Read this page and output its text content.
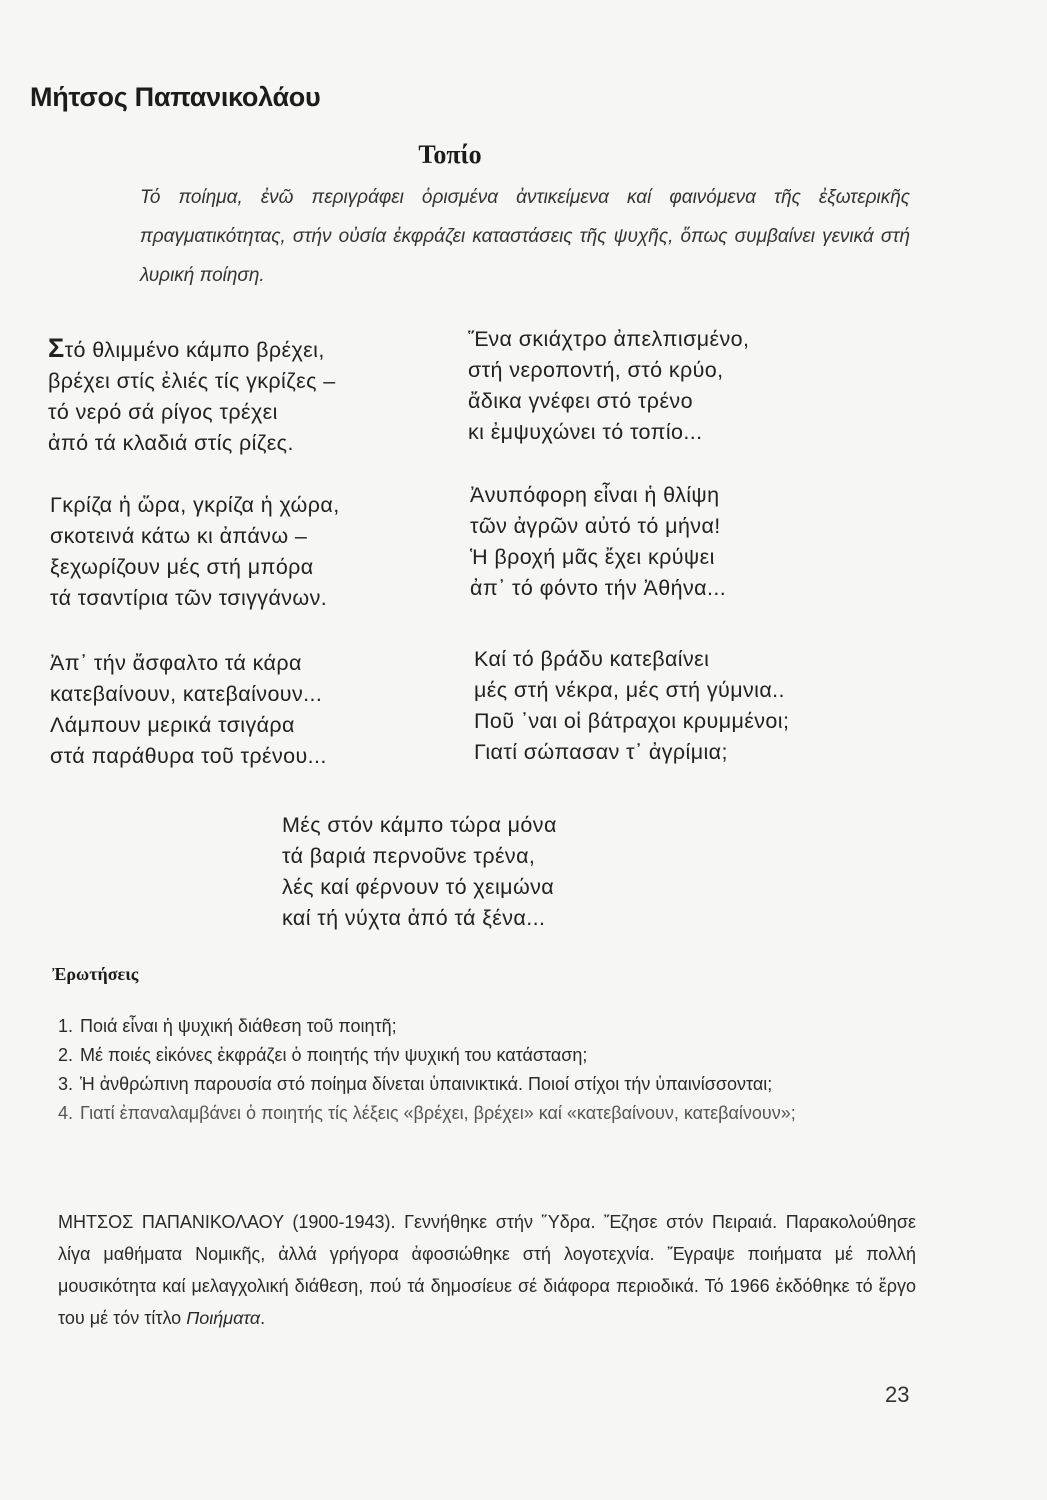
Μήτσος Παπανικολάου
Τοπίο
Τό ποίημα, ἐνῶ περιγράφει ὁρισμένα ἀντικείμενα καί φαινόμενα τῆς ἐξωτερικῆς πραγματικότητας, στήν οὐσία ἐκφράζει καταστάσεις τῆς ψυχῆς, ὅπως συμβαίνει γενικά στή λυρική ποίηση.
Στό θλιμμένο κάμπο βρέχει,
βρέχει στίς ἐλιές τίς γκρίζες –
τό νερό σά ρίγος τρέχει
ἀπό τά κλαδιά στίς ρίζες.
Γκρίζα ἡ ὥρα, γκρίζα ἡ χώρα,
σκοτεινά κάτω κι ἀπάνω –
ξεχωρίζουν μές στή μπόρα
τά τσαντίρια τῶν τσιγγάνων.
Ἀπ᾽ τήν ἄσφαλτο τά κάρα
κατεβαίνουν, κατεβαίνουν...
Λάμπουν μερικά τσιγάρα
στά παράθυρα τοῦ τρένου...
Ἕνα σκιάχτρο ἀπελπισμένο,
στή νεροποντή, στό κρύο,
ἄδικα γνέφει στό τρένο
κι ἐμψυχώνει τό τοπίο...
Ἀνυπόφορη εἶναι ἡ θλίψη
τῶν ἀγρῶν αὐτό τό μήνα!
Ἡ βροχή μᾶς ἔχει κρύψει
ἀπ᾽ τό φόντο τήν Ἀθήνα...
Καί τό βράδυ κατεβαίνει
μές στή νέκρα, μές στή γύμνια..
Ποῦ ᾽ναι οἱ βάτραχοι κρυμμένοι;
Γιατί σώπασαν τ᾽ ἀγρίμια;
Μές στόν κάμπο τώρα μόνα
τά βαριά περνοῦνε τρένα,
λές καί φέρνουν τό χειμώνα
καί τή νύχτα ἀπό τά ξένα...
Ἐρωτήσεις
1. Ποιά εἶναι ἡ ψυχική διάθεση τοῦ ποιητῆ;
2. Μέ ποιές εἰκόνες ἐκφράζει ὁ ποιητής τήν ψυχική του κατάσταση;
3. Ἡ ἀνθρώπινη παρουσία στό ποίημα δίνεται ὑπαινικτικά. Ποιοί στίχοι τήν ὑπαινίσσονται;
4. Γιατί ἐπαναλαμβάνει ὁ ποιητής τίς λέξεις «βρέχει, βρέχει» καί «κατεβαίνουν, κατεβαίνουν»;
ΜΗΤΣΟΣ ΠΑΠΑΝΙΚΟΛΑΟΥ (1900-1943). Γεννήθηκε στήν Ὕδρα. Ἔζησε στόν Πειραιά. Παρακολούθησε λίγα μαθήματα Νομικῆς, ἀλλά γρήγορα ἀφοσιώθηκε στή λογοτεχνία. Ἔγραψε ποιήματα μέ πολλή μουσικότητα καί μελαγχολική διάθεση, πού τά δημοσίευε σέ διάφορα περιοδικά. Τό 1966 ἐκδόθηκε τό ἔργο του μέ τόν τίτλο Ποιήματα.
23
